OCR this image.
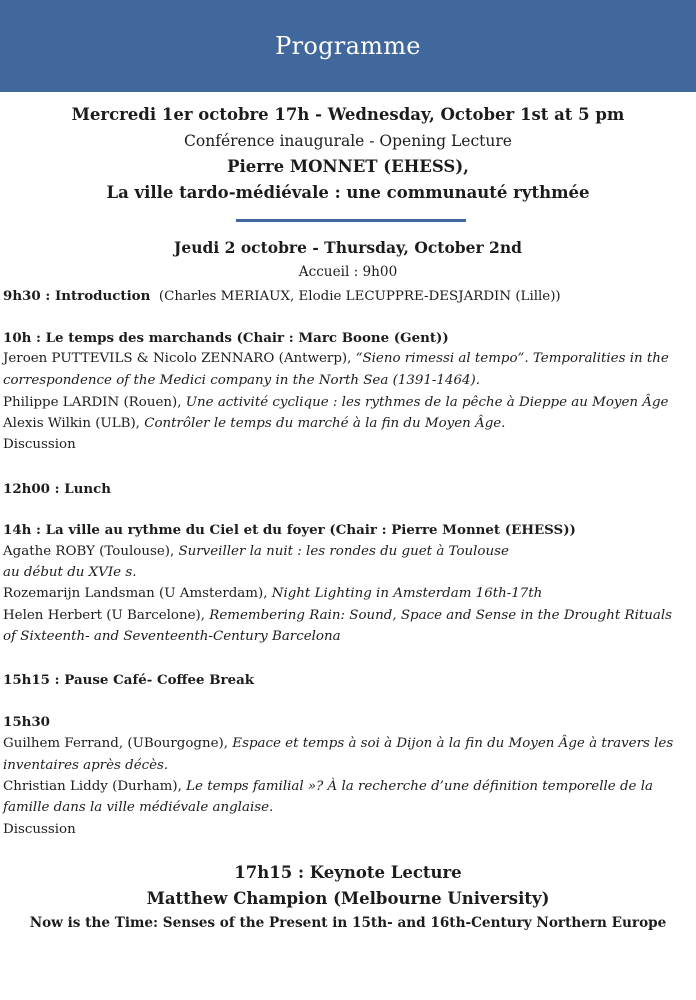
Programme
Mercredi 1er octobre 17h - Wednesday, October 1st at 5 pm
Conférence inaugurale - Opening Lecture
Pierre MONNET (EHESS),
La ville tardo-médiévale : une communauté rythmée
Jeudi 2 octobre - Thursday, October 2nd
Accueil : 9h00
9h30 : Introduction (Charles MERIAUX, Elodie LECUPPRE-DESJARDIN (Lille))
10h : Le temps des marchands (Chair : Marc Boone (Gent))
Jeroen PUTTEVILS & Nicolo ZENNARO (Antwerp), “Sieno rimessi al tempo”. Temporalities in the
correspondence of the Medici company in the North Sea (1391-1464).
Philippe LARDIN (Rouen), Une activité cyclique : les rythmes de la pêche à Dieppe au Moyen Âge
Alexis Wilkin (ULB), Contrôler le temps du marché à la fin du Moyen Âge.
Discussion
12h00 : Lunch
14h : La ville au rythme du Ciel et du foyer (Chair : Pierre Monnet (EHESS))
Agathe ROBY (Toulouse), Surveiller la nuit : les rondes du guet à Toulouse
au début du XVIe s.
Rozemarijn Landsman (U Amsterdam), Night Lighting in Amsterdam 16th-17th
Helen Herbert (U Barcelone), Remembering Rain: Sound, Space and Sense in the Drought Rituals
of Sixteenth- and Seventeenth-Century Barcelona
15h15 : Pause Café- Coffee Break
15h30
Guilhem Ferrand, (UBourgogne), Espace et temps à soi à Dijon à la fin du Moyen Âge à travers les
inventaires après décès.
Christian Liddy (Durham), Le temps familial »? À la recherche d’une définition temporelle de la
famille dans la ville médiévale anglaise.
Discussion
17h15 : Keynote Lecture
Matthew Champion (Melbourne University)
Now is the Time: Senses of the Present in 15th- and 16th-Century Northern Europe
